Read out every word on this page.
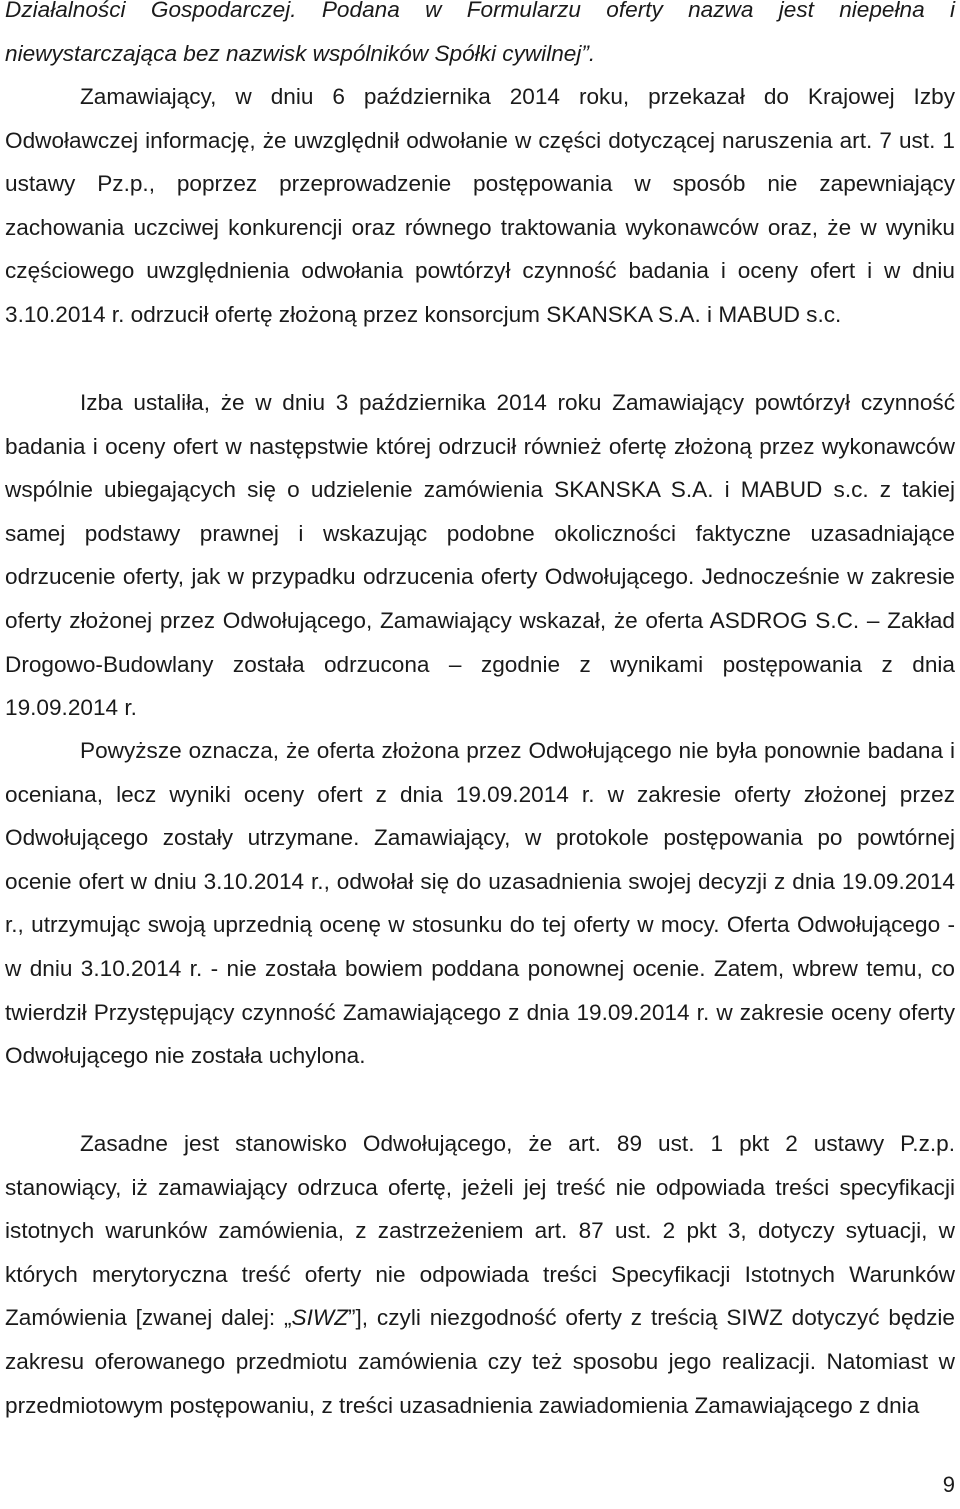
Działalności Gospodarczej. Podana w Formularzu oferty nazwa jest niepełna i niewystarczająca bez nazwisk wspólników Spółki cywilnej”.

Zamawiający, w dniu 6 października 2014 roku, przekazał do Krajowej Izby Odwoławczej informację, że uwzględnił odwołanie w części dotyczącej naruszenia art. 7 ust. 1 ustawy Pz.p., poprzez przeprowadzenie postępowania w sposób nie zapewniający zachowania uczciwej konkurencji oraz równego traktowania wykonawców oraz, że w wyniku częściowego uwzględnienia odwołania powtórzył czynność badania i oceny ofert i w dniu 3.10.2014 r. odrzucił ofertę złożoną przez konsorcjum SKANSKA S.A. i MABUD s.c.

Izba ustaliła, że w dniu 3 października 2014 roku Zamawiający powtórzył czynność badania i oceny ofert w następstwie której odrzucił również ofertę złożoną przez wykonawców wspólnie ubiegających się o udzielenie zamówienia SKANSKA S.A. i MABUD s.c. z takiej samej podstawy prawnej i wskazując podobne okoliczności faktyczne uzasadniające odrzucenie oferty, jak w przypadku odrzucenia oferty Odwołującego. Jednocześnie w zakresie oferty złożonej przez Odwołującego, Zamawiający wskazał, że oferta ASDROG S.C. – Zakład Drogowo-Budowlany została odrzucona – zgodnie z wynikami postępowania z dnia 19.09.2014 r.

Powyższe oznacza, że oferta złożona przez Odwołującego nie była ponownie badana i oceniana, lecz wyniki oceny ofert z dnia 19.09.2014 r. w zakresie oferty złożonej przez Odwołującego zostały utrzymane. Zamawiający, w protokole postępowania po powtórnej ocenie ofert w dniu 3.10.2014 r., odwołał się do uzasadnienia swojej decyzji z dnia 19.09.2014 r., utrzymując swoją uprzednią ocenę w stosunku do tej oferty w mocy. Oferta Odwołującego - w dniu 3.10.2014 r. - nie została bowiem poddana ponownej ocenie. Zatem, wbrew temu, co twierdził Przystępujący czynność Zamawiającego z dnia 19.09.2014 r. w zakresie oceny oferty Odwołującego nie została uchylona.

Zasadne jest stanowisko Odwołującego, że art. 89 ust. 1 pkt 2 ustawy P.z.p. stanowiący, iż zamawiający odrzuca ofertę, jeżeli jej treść nie odpowiada treści specyfikacji istotnych warunków zamówienia, z zastrzeżeniem art. 87 ust. 2 pkt 3, dotyczy sytuacji, w których merytoryczna treść oferty nie odpowiada treści Specyfikacji Istotnych Warunków Zamówienia [zwanej dalej: „SIWZ”], czyli niezgodność oferty z treścią SIWZ dotyczyć będzie zakresu oferowanego przedmiotu zamówienia czy też sposobu jego realizacji. Natomiast w przedmiotowym postępowaniu, z treści uzasadnienia zawiadomienia Zamawiającego z dnia

9
